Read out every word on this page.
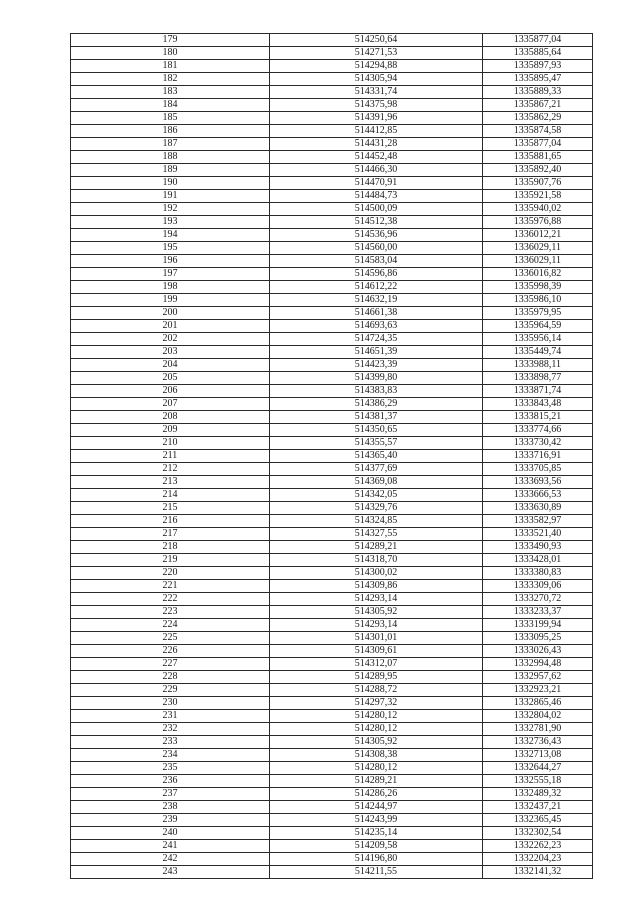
179	514250,64	1335877,04
180	514271,53	1335885,64
181	514294,88	1335897,93
182	514305,94	1335895,47
183	514331,74	1335889,33
184	514375,98	1335867,21
185	514391,96	1335862,29
186	514412,85	1335874,58
187	514431,28	1335877,04
188	514452,48	1335881,65
189	514466,30	1335892,40
190	514470,91	1335907,76
191	514484,73	1335921,58
192	514500,09	1335940,02
193	514512,38	1335976,88
194	514536,96	1336012,21
195	514560,00	1336029,11
196	514583,04	1336029,11
197	514596,86	1336016,82
198	514612,22	1335998,39
199	514632,19	1335986,10
200	514661,38	1335979,95
201	514693,63	1335964,59
202	514724,35	1335956,14
203	514651,39	1335449,74
204	514423,39	1333988,11
205	514399,80	1333898,77
206	514383,83	1333871,74
207	514386,29	1333843,48
208	514381,37	1333815,21
209	514350,65	1333774,66
210	514355,57	1333730,42
211	514365,40	1333716,91
212	514377,69	1333705,85
213	514369,08	1333693,56
214	514342,05	1333666,53
215	514329,76	1333630,89
216	514324,85	1333582,97
217	514327,55	1333521,40
218	514289,21	1333490,93
219	514318,70	1333428,01
220	514300,02	1333380,83
221	514309,86	1333309,06
222	514293,14	1333270,72
223	514305,92	1333233,37
224	514293,14	1333199,94
225	514301,01	1333095,25
226	514309,61	1333026,43
227	514312,07	1332994,48
228	514289,95	1332957,62
229	514288,72	1332923,21
230	514297,32	1332865,46
231	514280,12	1332804,02
232	514280,12	1332781,90
233	514305,92	1332736,43
234	514308,38	1332713,08
235	514280,12	1332644,27
236	514289,21	1332555,18
237	514286,26	1332489,32
238	514244,97	1332437,21
239	514243,99	1332365,45
240	514235,14	1332302,54
241	514209,58	1332262,23
242	514196,80	1332204,23
243	514211,55	1332141,32
